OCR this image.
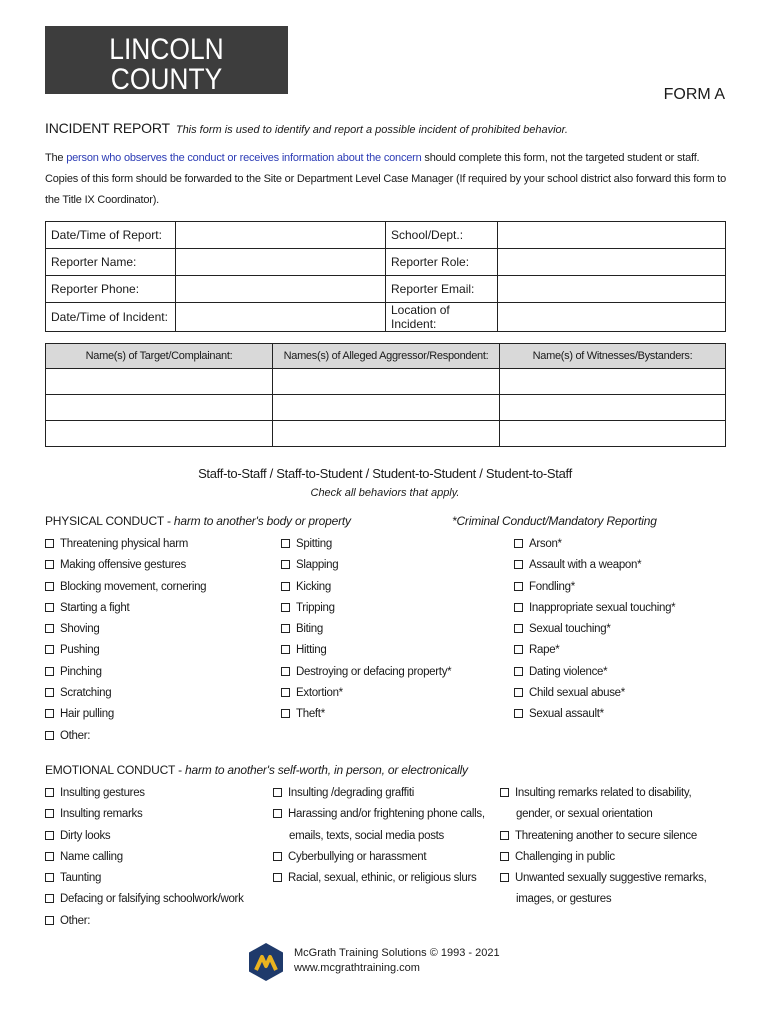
LINCOLN COUNTY
SCHOOL DISTRICT #2
FORM A
INCIDENT REPORT This form is used to identify and report a possible incident of prohibited behavior.
The person who observes the conduct or receives information about the concern should complete this form, not the targeted student or staff. Copies of this form should be forwarded to the Site or Department Level Case Manager (If required by your school district also forward this form to the Title IX Coordinator).
Date/Time of Report:		School/Dept.:	
Reporter Name:		Reporter Role:	
Reporter Phone:		Reporter Email:	
Date/Time of Incident:		Location of Incident:	
Name(s) of Target/Complainant:	Names(s) of Alleged Aggressor/Respondent:	Name(s) of Witnesses/Bystanders:

Staff-to-Staff / Staff-to-Student / Student-to-Student / Student-to-Staff
Check all behaviors that apply.
PHYSICAL CONDUCT - harm to another's body or property	*Criminal Conduct/Mandatory Reporting
Threatening physical harm
Making offensive gestures
Blocking movement, cornering
Starting a fight
Shoving
Pushing
Pinching
Scratching
Hair pulling
Other:
Spitting
Slapping
Kicking
Tripping
Biting
Hitting
Destroying or defacing property*
Extortion*
Theft*
Arson*
Assault with a weapon*
Fondling*
Inappropriate sexual touching*
Sexual touching*
Rape*
Dating violence*
Child sexual abuse*
Sexual assault*
EMOTIONAL CONDUCT - harm to another's self-worth, in person, or electronically
Insulting gestures
Insulting remarks
Dirty looks
Name calling
Taunting
Defacing or falsifying schoolwork/work
Other:
Insulting /degrading graffiti
Harassing and/or frightening phone calls,
emails, texts, social media posts
Cyberbullying or harassment
Racial, sexual, ethinic, or religious slurs
Insulting remarks related to disability,
gender, or sexual orientation
Threatening another to secure silence
Challenging in public
Unwanted sexually suggestive remarks,
images, or gestures
McGrath Training Solutions © 1993 - 2021
www.mcgrathtraining.com
